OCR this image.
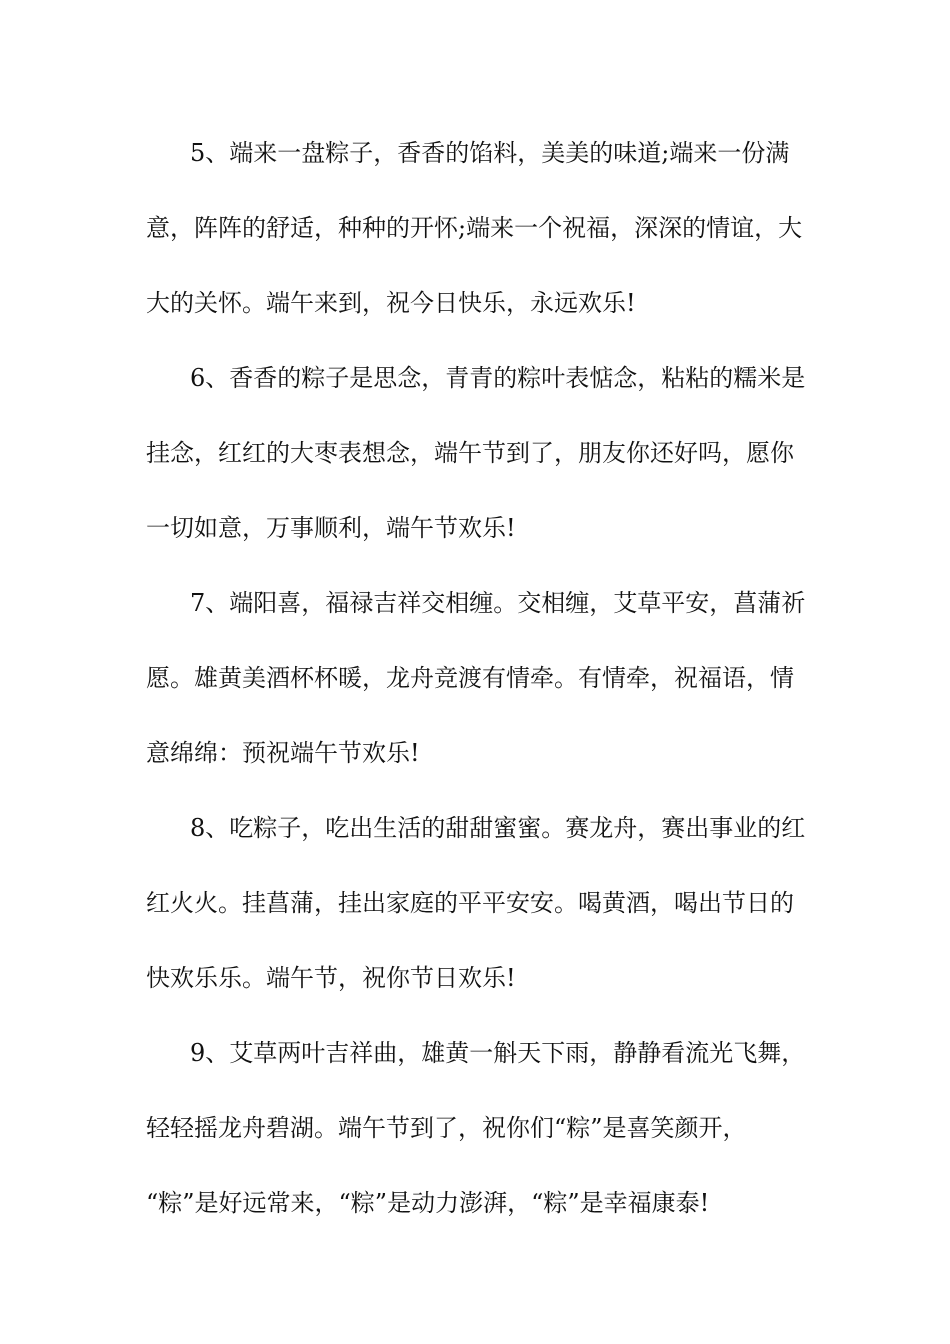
5、端来一盘粽子，香香的馅料，美美的味道;端来一份满
意，阵阵的舒适，种种的开怀;端来一个祝福，深深的情谊，大
大的关怀。端午来到，祝今日快乐，永远欢乐!
6、香香的粽子是思念，青青的粽叶表惦念，粘粘的糯米是
挂念，红红的大枣表想念，端午节到了，朋友你还好吗，愿你
一切如意，万事顺利，端午节欢乐!
7、端阳喜，福禄吉祥交相缠。交相缠，艾草平安，菖蒲祈
愿。雄黄美酒杯杯暖，龙舟竞渡有情牵。有情牵，祝福语，情
意绵绵：预祝端午节欢乐!
8、吃粽子，吃出生活的甜甜蜜蜜。赛龙舟，赛出事业的红
红火火。挂菖蒲，挂出家庭的平平安安。喝黄酒，喝出节日的
快欢乐乐。端午节，祝你节日欢乐!
9、艾草两叶吉祥曲，雄黄一斛天下雨，静静看流光飞舞，
轻轻摇龙舟碧湖。端午节到了，祝你们“粽”是喜笑颜开，
“粽”是好远常来，“粽”是动力澎湃，“粽”是幸福康泰!
